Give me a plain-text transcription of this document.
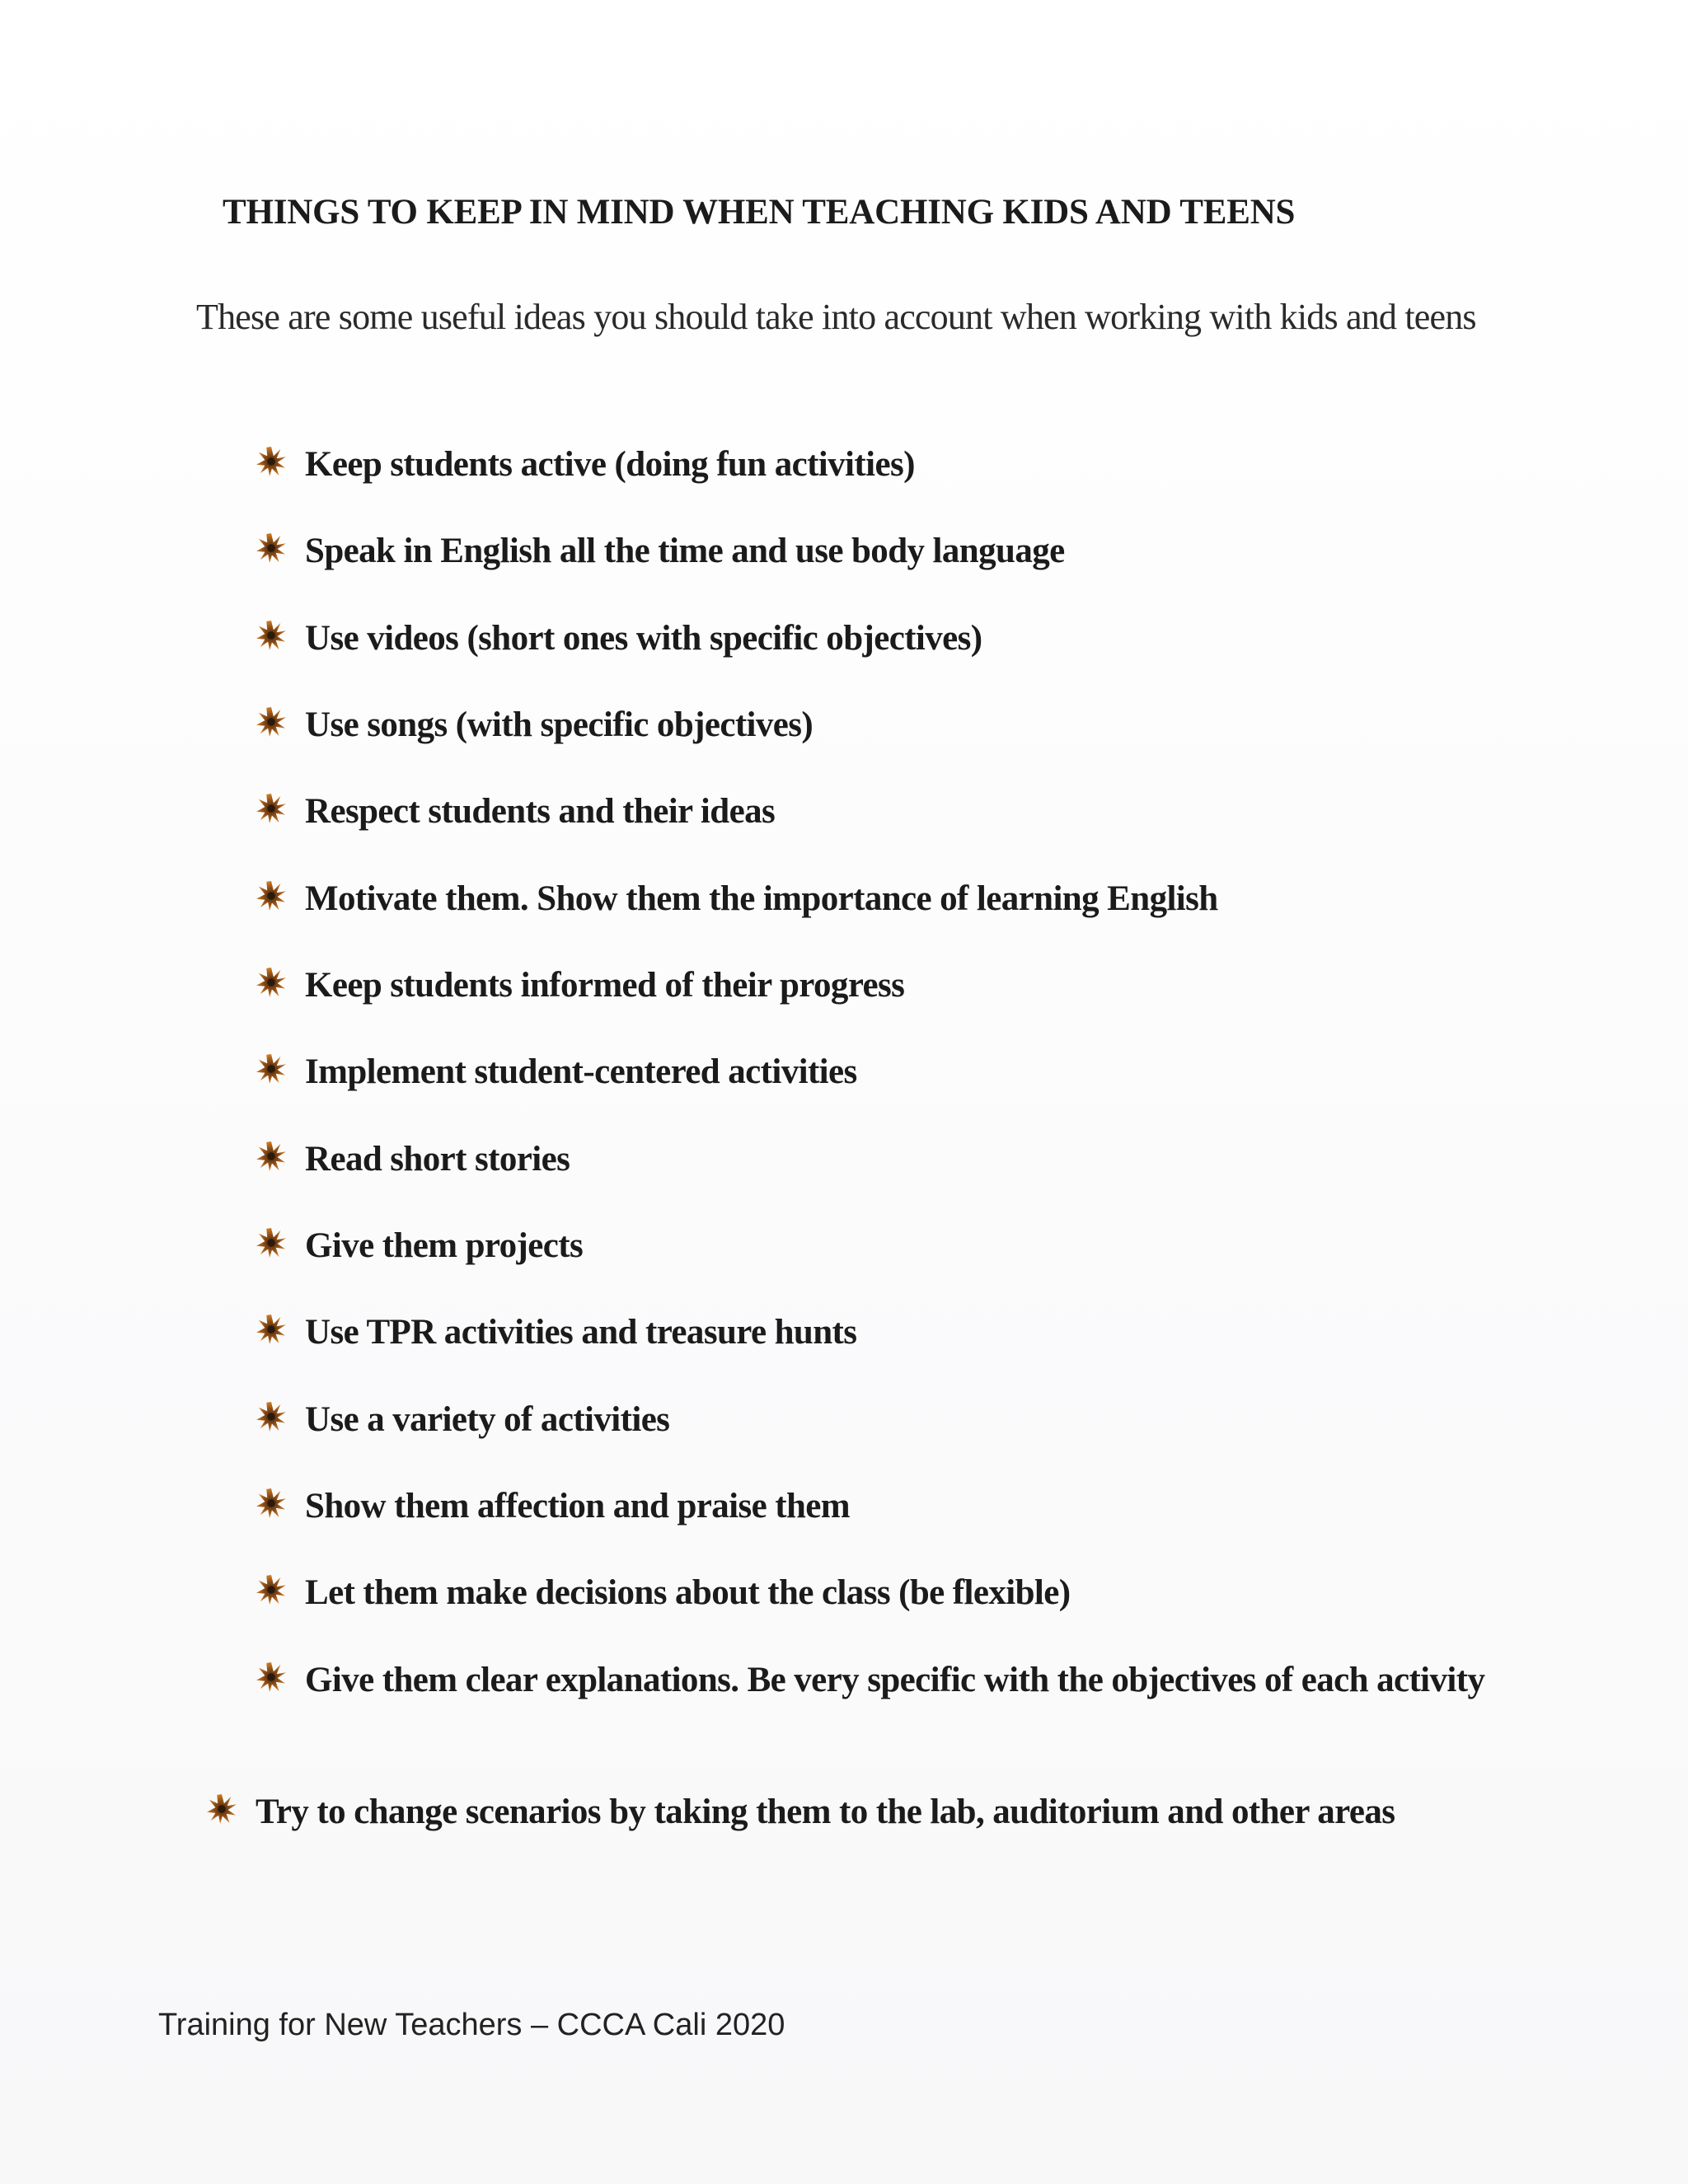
THINGS TO KEEP IN MIND WHEN TEACHING KIDS AND TEENS

These are some useful ideas you should take into account when working with kids and teens

Keep students active (doing fun activities)
Speak in English all the time and use body language
Use videos (short ones with specific objectives)
Use songs (with specific objectives)
Respect students and their ideas
Motivate them. Show them the importance of learning English
Keep students informed of their progress
Implement student-centered activities
Read short stories
Give them projects
Use TPR activities and treasure hunts
Use a variety of activities
Show them affection and praise them
Let them make decisions about the class (be flexible)
Give them clear explanations. Be very specific with the objectives of each activity
Try to change scenarios by taking them to the lab, auditorium and other areas

Training for New Teachers – CCCA Cali 2020
